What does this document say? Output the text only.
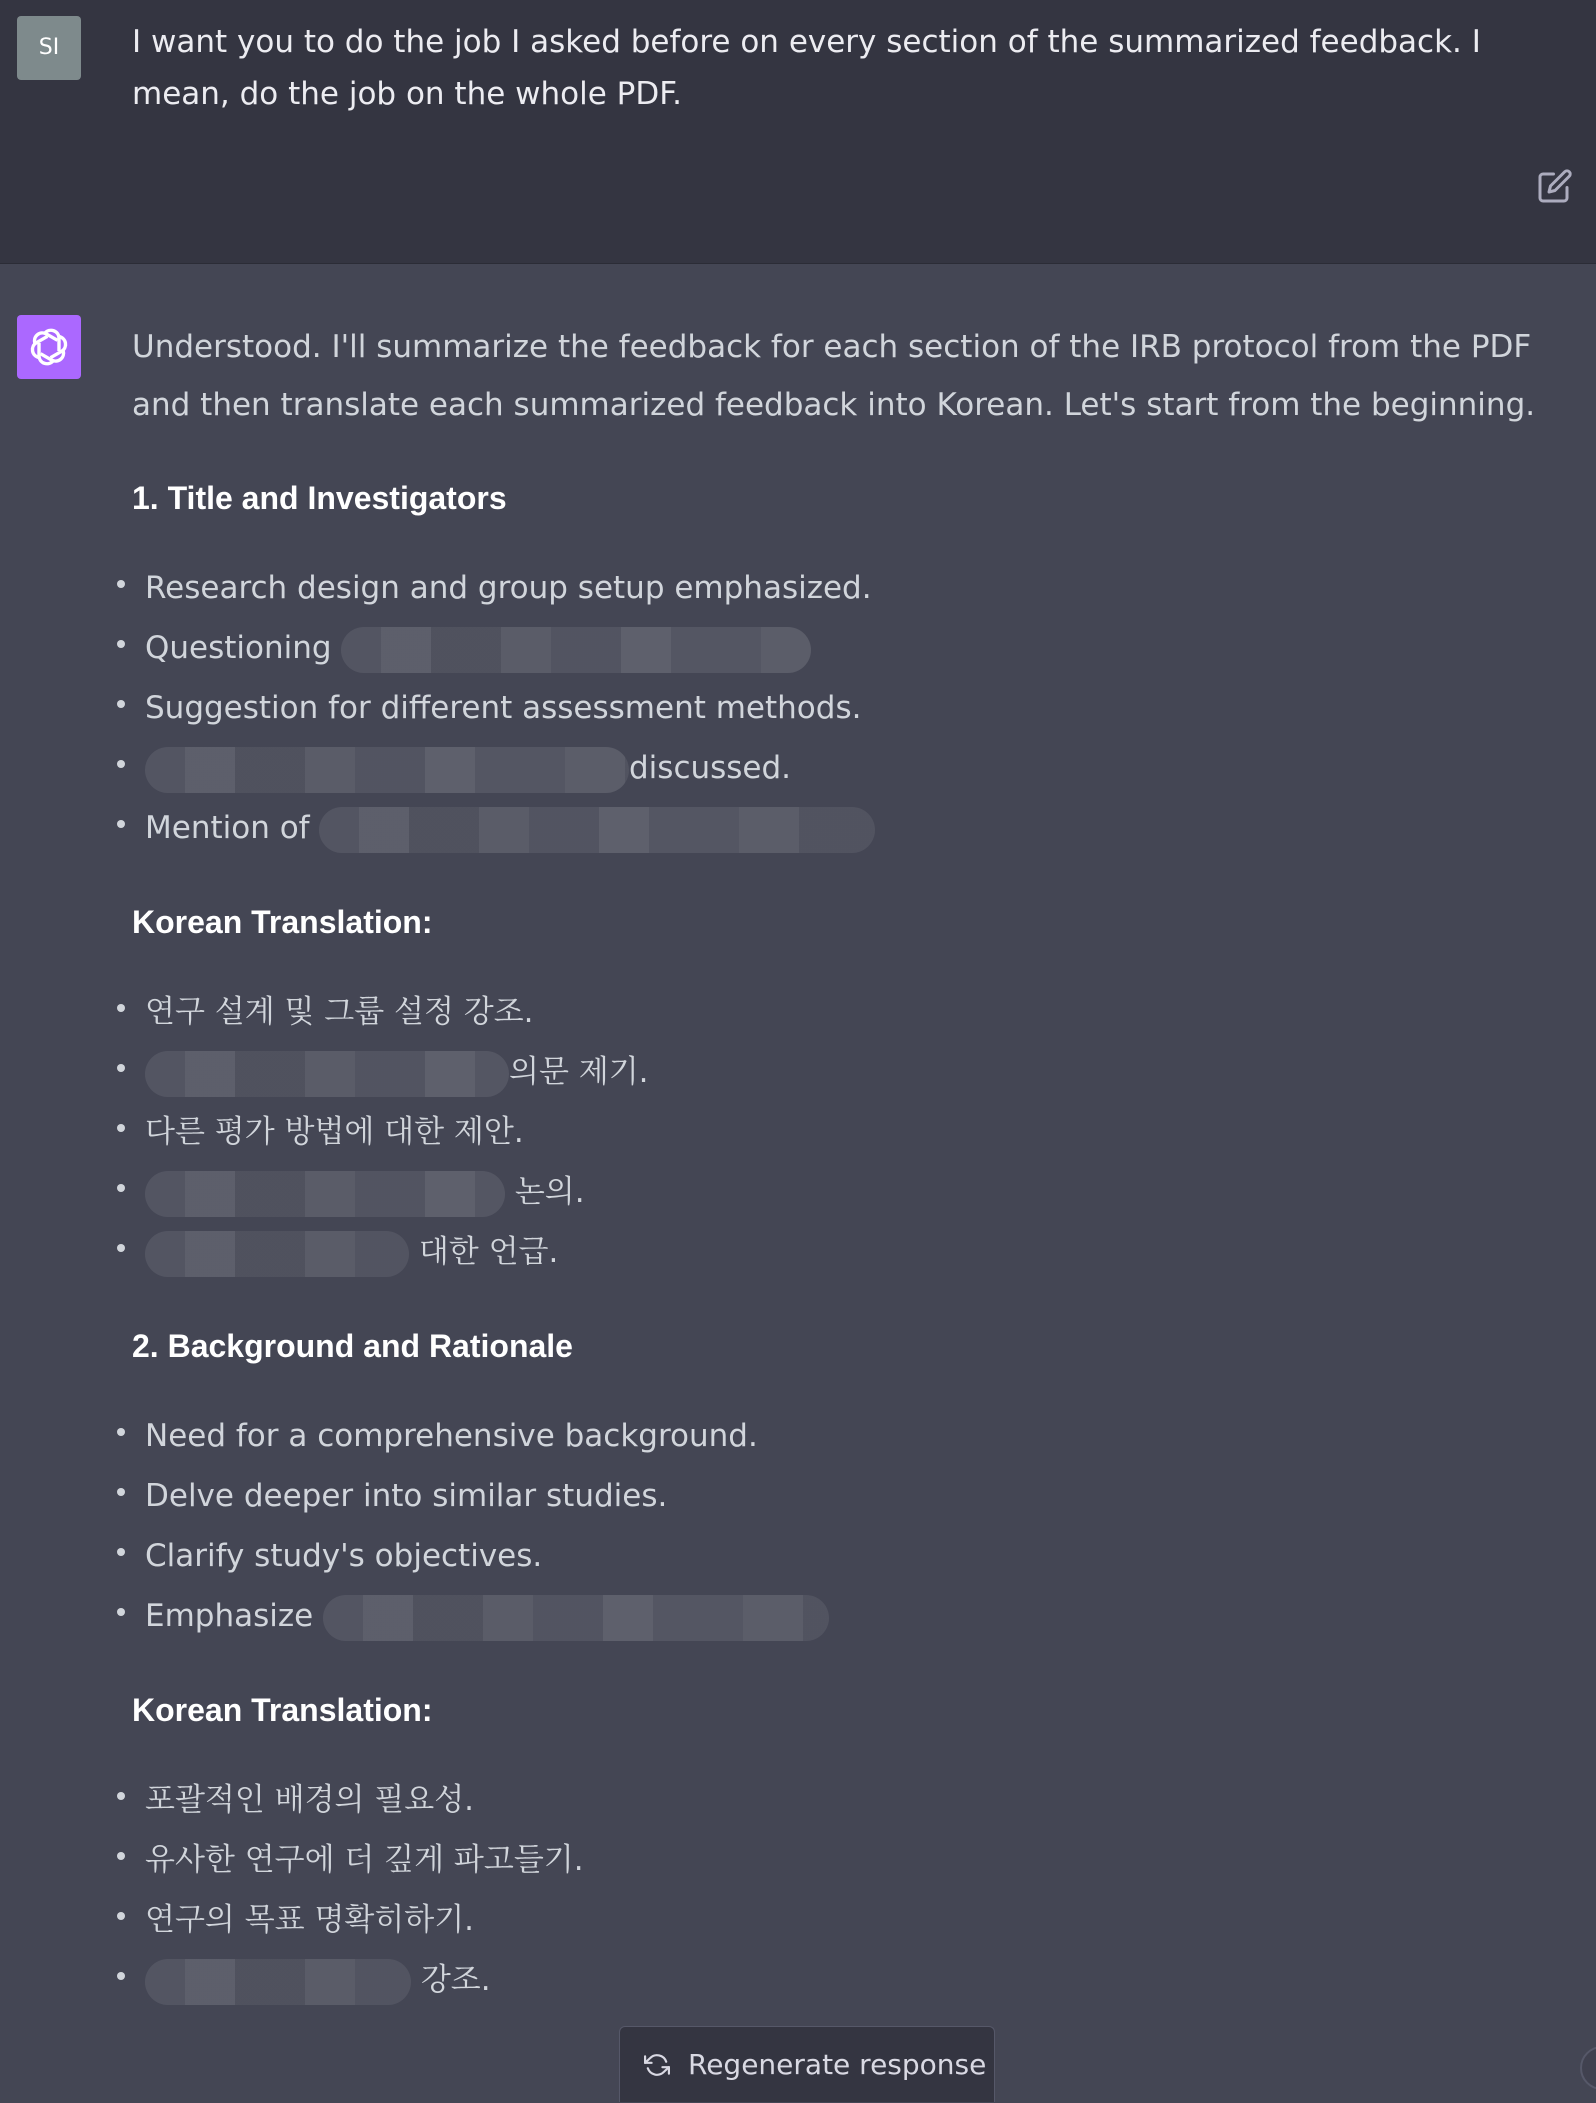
SI	I want you to do the job I asked before on every section of the summarized feedback. I mean, do the job on the whole PDF.

Understood. I'll summarize the feedback for each section of the IRB protocol from the PDF and then translate each summarized feedback into Korean. Let's start from the beginning.

1. Title and Investigators
Research design and group setup emphasized.
Questioning
Suggestion for different assessment methods.
discussed.
Mention of
Korean Translation:
연구 설계 및 그룹 설정 강조.
의문 제기.
다른 평가 방법에 대한 제안.
논의.
대한 언급.
2. Background and Rationale
Need for a comprehensive background.
Delve deeper into similar studies.
Clarify study's objectives.
Emphasize
Korean Translation:
포괄적인 배경의 필요성.
유사한 연구에 더 깊게 파고들기.
연구의 목표 명확히하기.
강조.
Regenerate response
